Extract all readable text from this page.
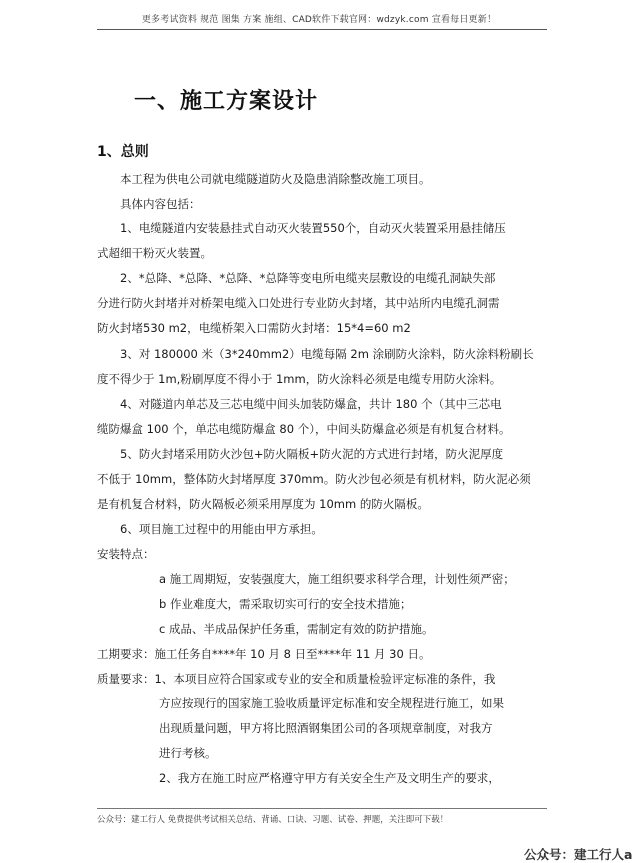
更多考试资料 规范 图集 方案 施组、CAD软件下载官网：wdzyk.com 宣看每日更新！
一、施工方案设计
1、总则
本工程为供电公司就电缆隧道防火及隐患消除整改施工项目。
具体内容包括：
1、电缆隧道内安装悬挂式自动灭火装置550个，自动灭火装置采用悬挂储压
式超细干粉灭火装置。
2、*总降、*总降、*总降、*总降等变电所电缆夹层敷设的电缆孔洞缺失部
分进行防火封堵并对桥架电缆入口处进行专业防火封堵，其中站所内电缆孔洞需
防火封堵530 m2，电缆桥架入口需防火封堵：15*4=60 m2
3、对 180000 米（3*240mm2）电缆每隔 2m 涂刷防火涂料，防火涂料粉刷长
度不得少于 1m,粉刷厚度不得小于 1mm，防火涂料必须是电缆专用防火涂料。
4、对隧道内单芯及三芯电缆中间头加装防爆盒，共计 180 个（其中三芯电
缆防爆盒 100 个，单芯电缆防爆盒 80 个），中间头防爆盒必须是有机复合材料。
5、防火封堵采用防火沙包+防火隔板+防火泥的方式进行封堵，防火泥厚度
不低于 10mm，整体防火封堵厚度 370mm。防火沙包必须是有机材料，防火泥必须
是有机复合材料，防火隔板必须采用厚度为 10mm 的防火隔板。
6、项目施工过程中的用能由甲方承担。
安装特点：
a 施工周期短，安装强度大，施工组织要求科学合理，计划性须严密；
b 作业难度大，需采取切实可行的安全技术措施；
c 成品、半成品保护任务重，需制定有效的防护措施。
工期要求：施工任务自****年 10 月 8 日至****年 11 月 30 日。
质量要求：1、本项目应符合国家或专业的安全和质量检验评定标准的条件，我
方应按现行的国家施工验收质量评定标准和安全规程进行施工，如果
出现质量问题，甲方将比照酒钢集团公司的各项规章制度，对我方
进行考核。
2、我方在施工时应严格遵守甲方有关安全生产及文明生产的要求，
公众号：建工行人 免费提供考试相关总结、背诵、口诀、习题、试卷、押题，关注即可下载！
公众号：建工行人a
